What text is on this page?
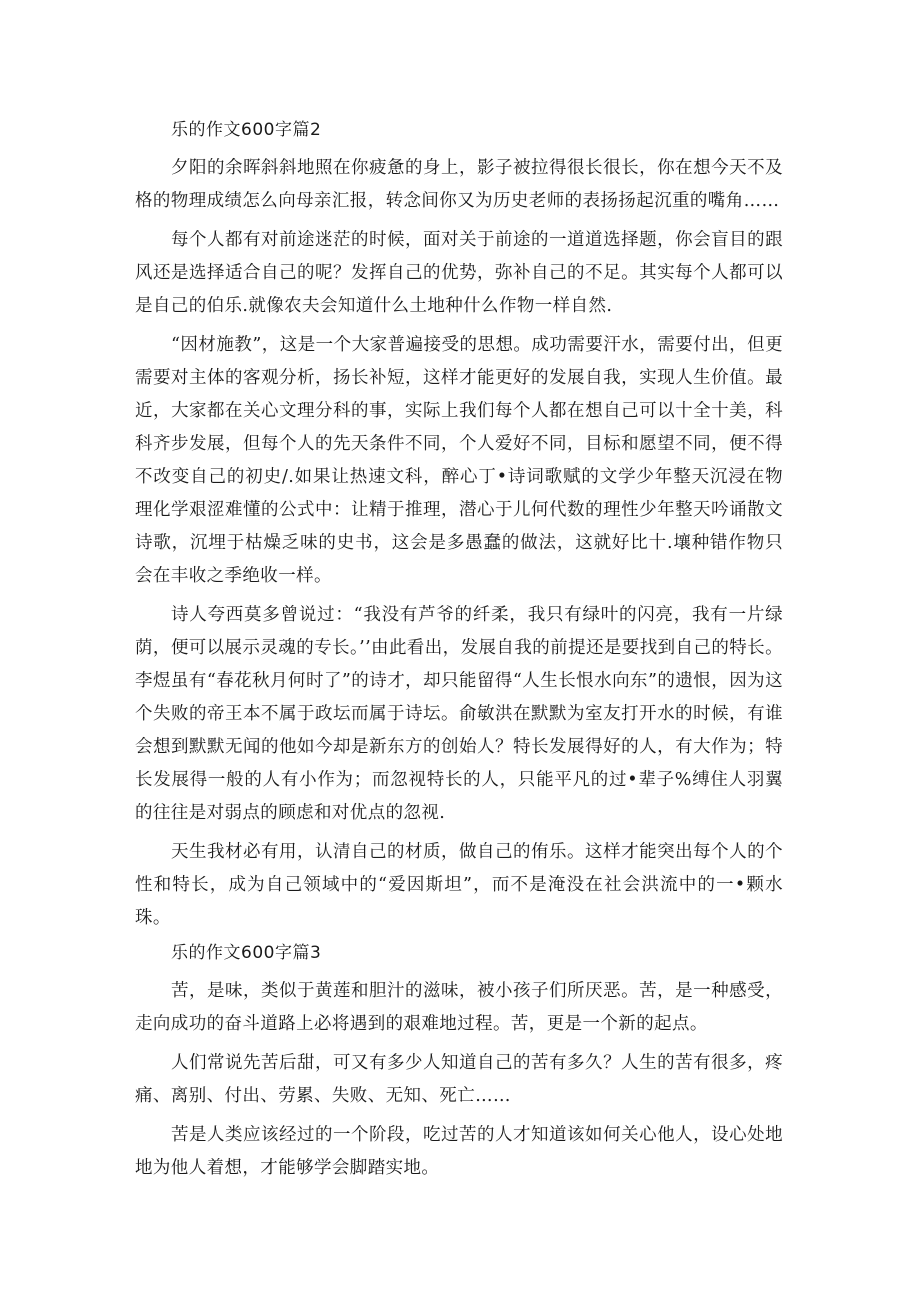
乐的作文600字篇2

夕阳的余晖斜斜地照在你疲惫的身上，影子被拉得很长很长，你在想今天不及格的物理成绩怎么向母亲汇报，转念间你又为历史老师的表扬扬起沉重的嘴角……

每个人都有对前途迷茫的时候，面对关于前途的一道道选择题，你会盲目的跟风还是选择适合自己的呢？发挥自己的优势，弥补自己的不足。其实每个人都可以是自己的伯乐.就像农夫会知道什么土地种什么作物一样自然.

“因材施教”，这是一个大家普遍接受的思想。成功需要汗水，需要付出，但更需要对主体的客观分析，扬长补短，这样才能更好的发展自我，实现人生价值。最近，大家都在关心文理分科的事，实际上我们每个人都在想自己可以十全十美，科科齐步发展，但每个人的先天条件不同，个人爱好不同，目标和愿望不同，便不得不改变自己的初史/.如果让热速文科，醉心丁•诗词歌赋的文学少年整天沉浸在物理化学艰涩难懂的公式中：让精于推理，潜心于儿何代数的理性少年整天吟诵散文诗歌，沉埋于枯燥乏味的史书，这会是多愚蠢的做法，这就好比十.壤种错作物只会在丰收之季绝收一样。

诗人夸西莫多曾说过：“我没有芦爷的纤柔，我只有绿叶的闪亮，我有一片绿荫，便可以展示灵魂的专长。’’由此看出，发展自我的前提还是要找到自己的特长。李煜虽有“春花秋月何时了”的诗才，却只能留得“人生长恨水向东”的遗恨，因为这个失败的帝王本不属于政坛而属于诗坛。俞敏洪在默默为室友打开水的时候，有谁会想到默默无闻的他如今却是新东方的创始人？特长发展得好的人，有大作为；特长发展得一般的人有小作为；而忽视特长的人，只能平凡的过•辈子%缚住人羽翼的往往是对弱点的顾虑和对优点的忽视.

天生我材必有用，认清自己的材质，做自己的侑乐。这样才能突出每个人的个性和特长，成为自己领域中的“爱因斯坦”，而不是淹没在社会洪流中的一•颗水珠。

乐的作文600字篇3

苦，是味，类似于黄莲和胆汁的滋味，被小孩子们所厌恶。苦，是一种感受，走向成功的奋斗道路上必将遇到的艰难地过程。苦，更是一个新的起点。

人们常说先苦后甜，可又有多少人知道自己的苦有多久？人生的苦有很多，疼痛、离别、付出、劳累、失败、无知、死亡……

苦是人类应该经过的一个阶段，吃过苦的人才知道该如何关心他人，设心处地地为他人着想，才能够学会脚踏实地。
